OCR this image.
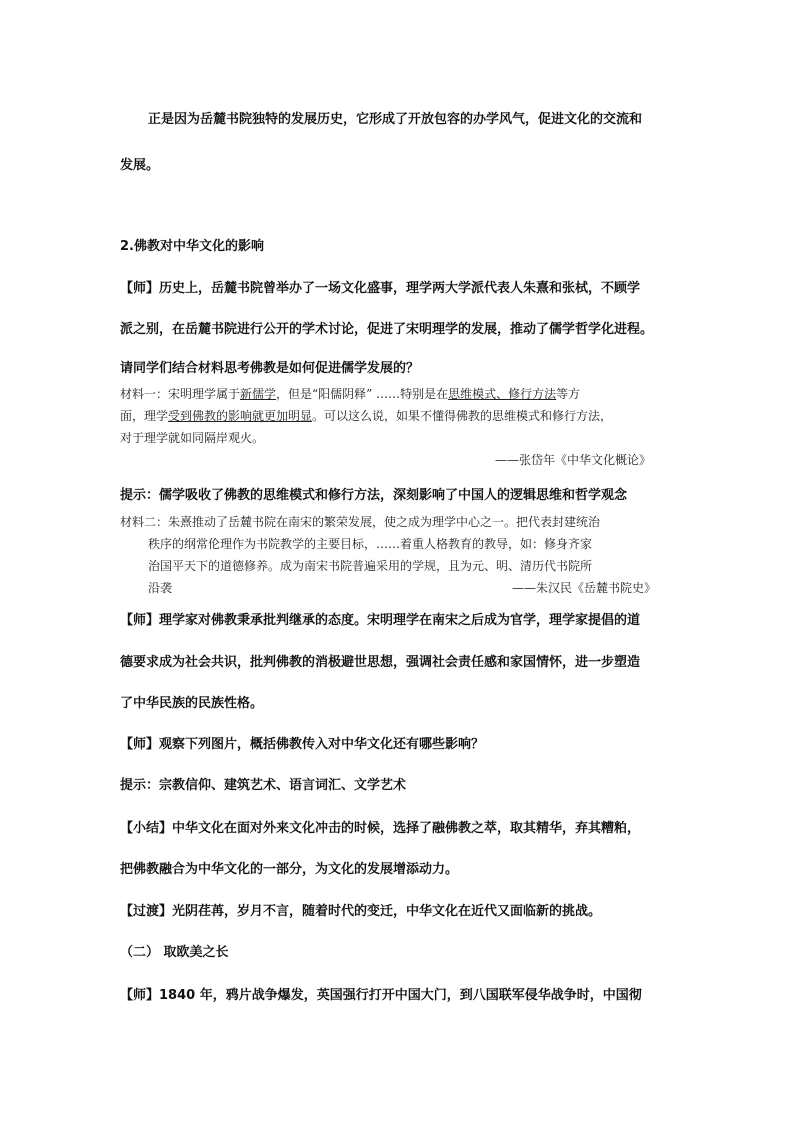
正是因为岳麓书院独特的发展历史，它形成了开放包容的办学风气，促进文化的交流和
发展。
2.佛教对中华文化的影响
【师】历史上，岳麓书院曾举办了一场文化盛事，理学两大学派代表人朱熹和张栻，不顾学
派之别，在岳麓书院进行公开的学术讨论，促进了宋明理学的发展，推动了儒学哲学化进程。
请同学们结合材料思考佛教是如何促进儒学发展的？
材料一：宋明理学属于新儒学，但是“阳儒阴释” ……特别是在思维模式、修行方法等方
面，理学受到佛教的影响就更加明显。可以这么说，如果不懂得佛教的思维模式和修行方法，
对于理学就如同隔岸观火。
——张岱年《中华文化概论》
提示：儒学吸收了佛教的思维模式和修行方法，深刻影响了中国人的逻辑思维和哲学观念
材料二：朱熹推动了岳麓书院在南宋的繁荣发展，使之成为理学中心之一。把代表封建统治
秩序的纲常伦理作为书院教学的主要目标，……着重人格教育的教导，如：修身齐家
治国平天下的道德修养。成为南宋书院普遍采用的学规，且为元、明、清历代书院所
沿袭	——朱汉民《岳麓书院史》
【师】理学家对佛教秉承批判继承的态度。宋明理学在南宋之后成为官学，理学家提倡的道
德要求成为社会共识，批判佛教的消极避世思想，强调社会责任感和家国情怀，进一步塑造
了中华民族的民族性格。
【师】观察下列图片，概括佛教传入对中华文化还有哪些影响？
提示：宗教信仰、建筑艺术、语言词汇、文学艺术
【小结】中华文化在面对外来文化冲击的时候，选择了融佛教之萃，取其精华，弃其糟粕，
把佛教融合为中华文化的一部分，为文化的发展增添动力。
【过渡】光阴荏苒，岁月不言，随着时代的变迁，中华文化在近代又面临新的挑战。
（二） 取欧美之长
【师】1840 年，鸦片战争爆发，英国强行打开中国大门，到八国联军侵华战争时，中国彻
